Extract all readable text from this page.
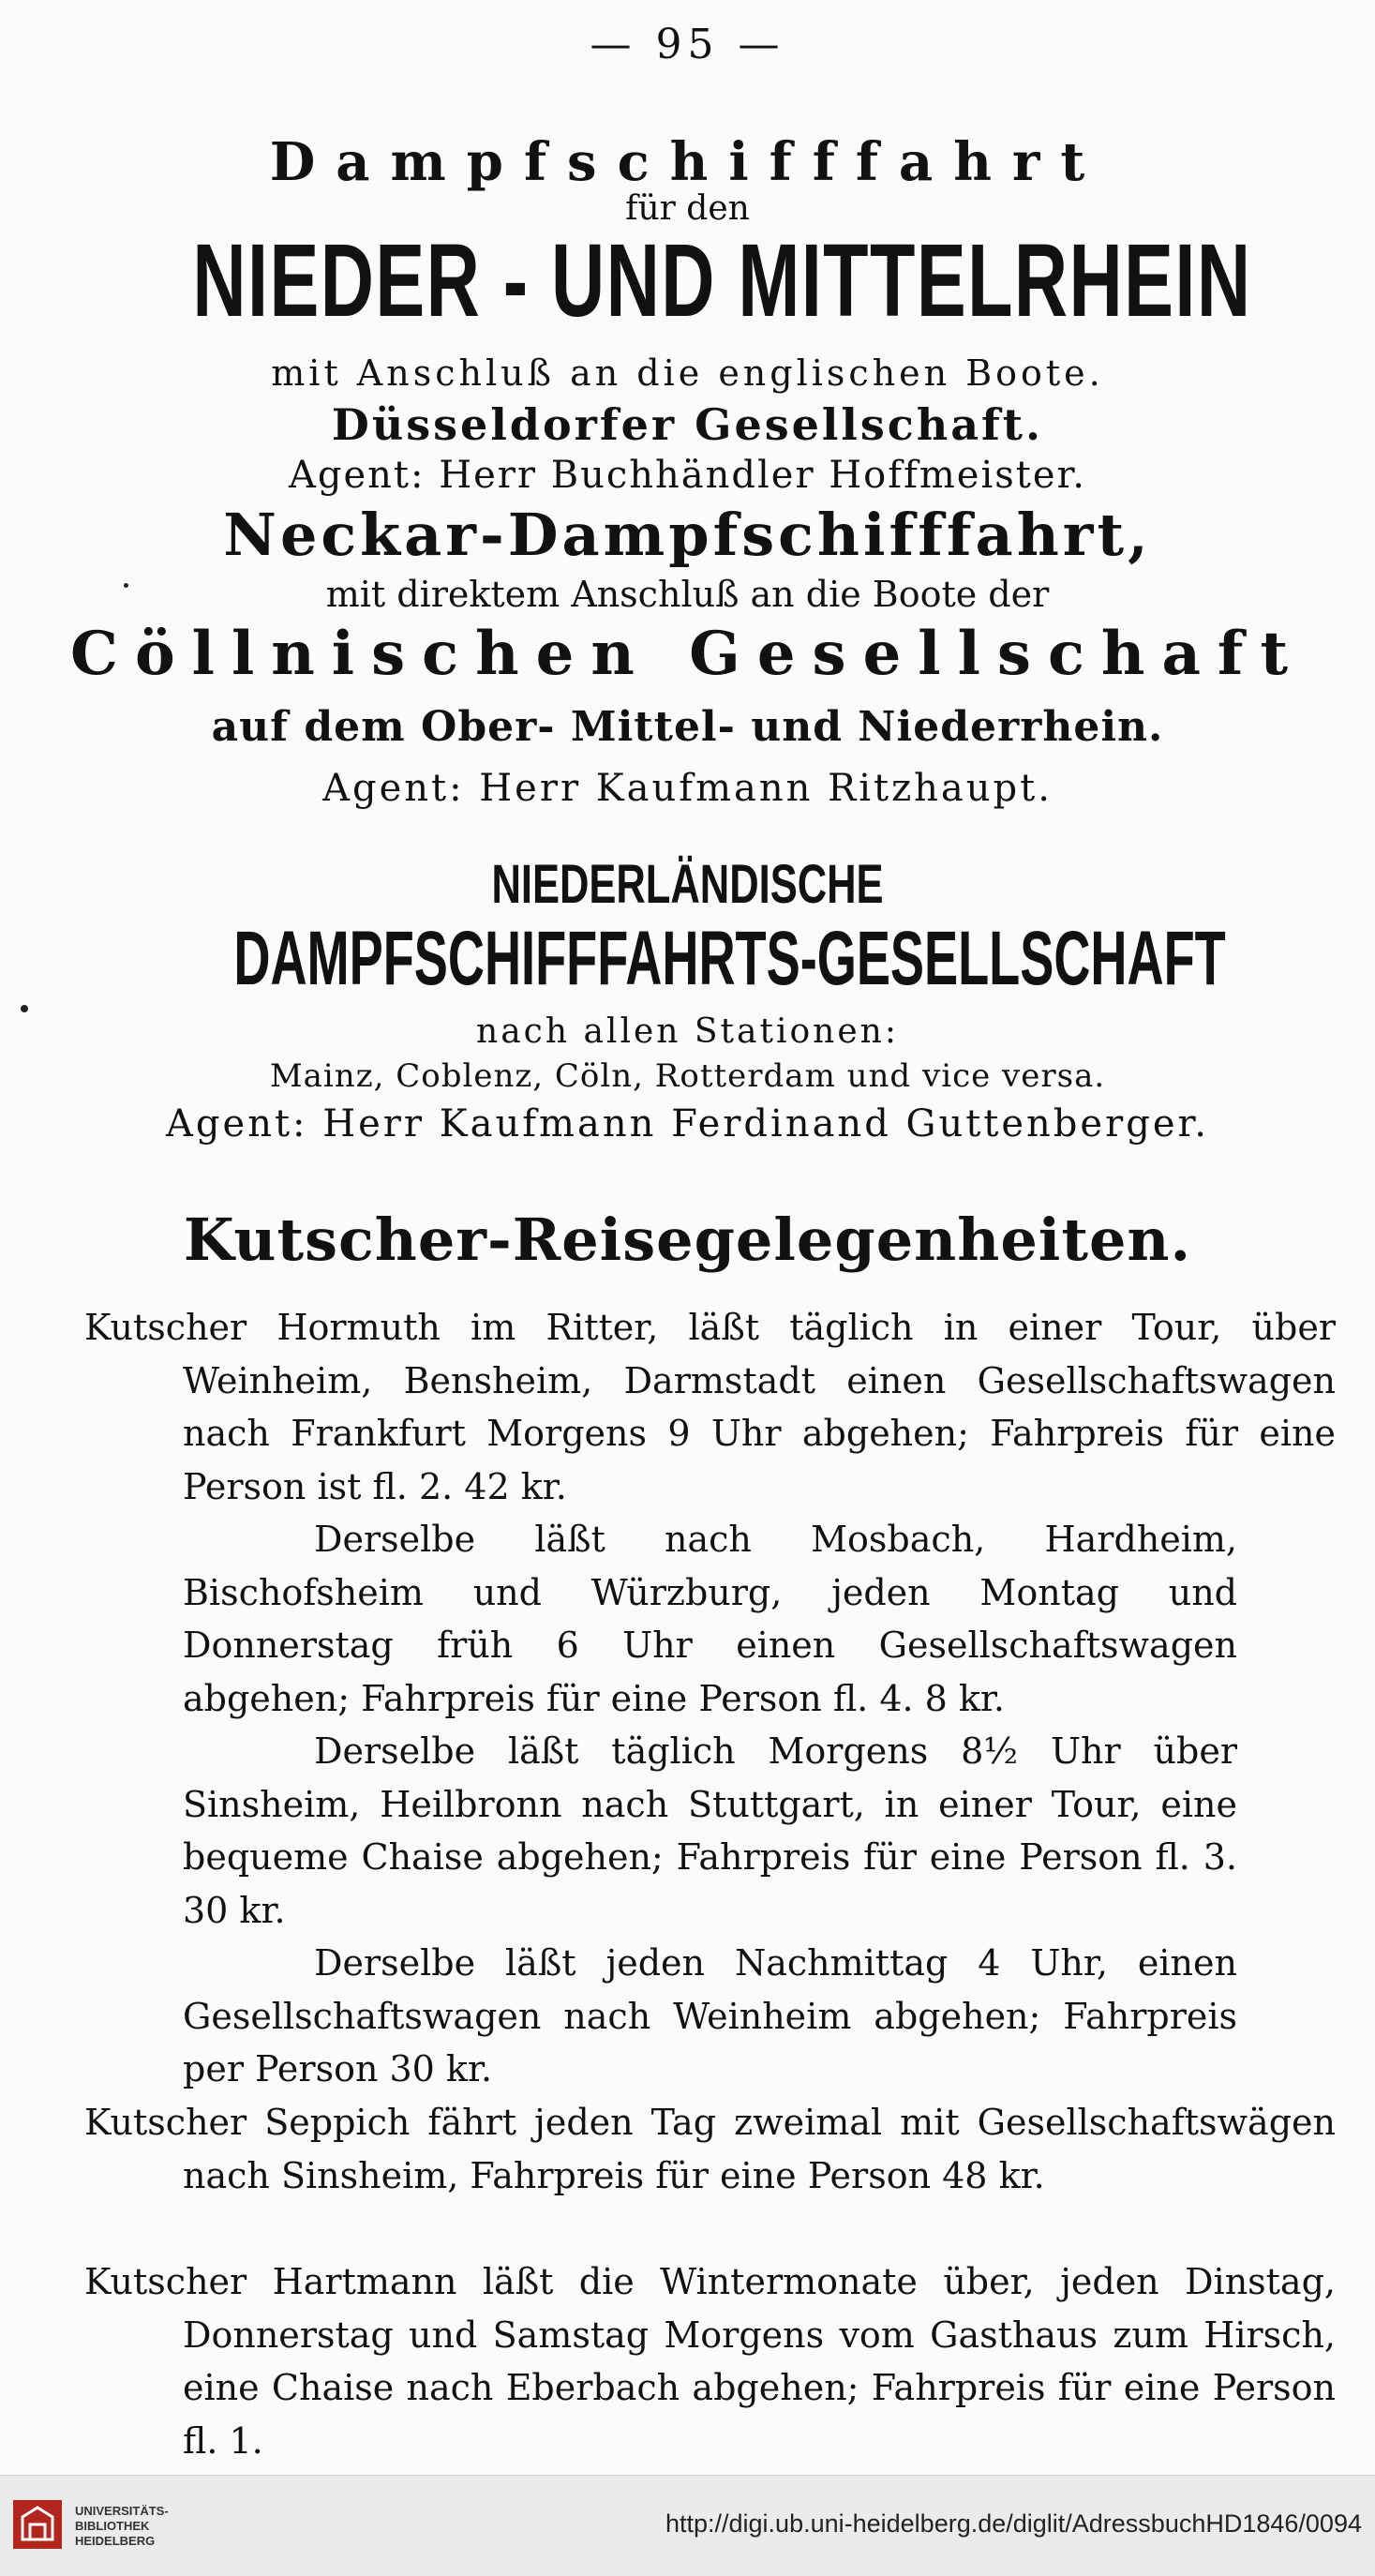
— 95 —
Dampfschifffahrt
für den
NIEDER - UND MITTELRHEIN
mit Anschluß an die englischen Boote.
Düsseldorfer Gesellschaft.
Agent: Herr Buchhändler Hoffmeister.
Neckar-Dampfschifffahrt,
mit direktem Anschluß an die Boote der
Cöllnischen Gesellschaft
auf dem Ober- Mittel- und Niederrhein.
Agent: Herr Kaufmann Ritzhaupt.
NIEDERLÄNDISCHE
DAMPFSCHIFFFAHRTS-GESELLSCHAFT
nach allen Stationen:
Mainz, Coblenz, Cöln, Rotterdam und vice versa.
Agent: Herr Kaufmann Ferdinand Guttenberger.
Kutscher-Reisegelegenheiten.
Kutscher Hormuth im Ritter, läßt täglich in einer Tour, über Weinheim, Bensheim, Darmstadt einen Gesellschaftswagen nach Frankfurt Morgens 9 Uhr abgehen; Fahrpreis für eine Person ist fl. 2. 42 kr.
Derselbe läßt nach Mosbach, Hardheim, Bischofsheim und Würzburg, jeden Montag und Donnerstag früh 6 Uhr einen Gesellschaftswagen abgehen; Fahrpreis für eine Person fl. 4. 8 kr.
Derselbe läßt täglich Morgens 8½ Uhr über Sinsheim, Heilbronn nach Stuttgart, in einer Tour, eine bequeme Chaise abgehen; Fahrpreis für eine Person fl. 3. 30 kr.
Derselbe läßt jeden Nachmittag 4 Uhr, einen Gesellschaftswagen nach Weinheim abgehen; Fahrpreis per Person 30 kr.
Kutscher Seppich fährt jeden Tag zweimal mit Gesellschaftswägen nach Sinsheim, Fahrpreis für eine Person 48 kr.
Kutscher Hartmann läßt die Wintermonate über, jeden Dinstag, Donnerstag und Samstag Morgens vom Gasthaus zum Hirsch, eine Chaise nach Eberbach abgehen; Fahrpreis für eine Person fl. 1.
UNIVERSITÄTS-
BIBLIOTHEK
HEIDELBERG
http://digi.ub.uni-heidelberg.de/diglit/AdressbuchHD1846/0094
